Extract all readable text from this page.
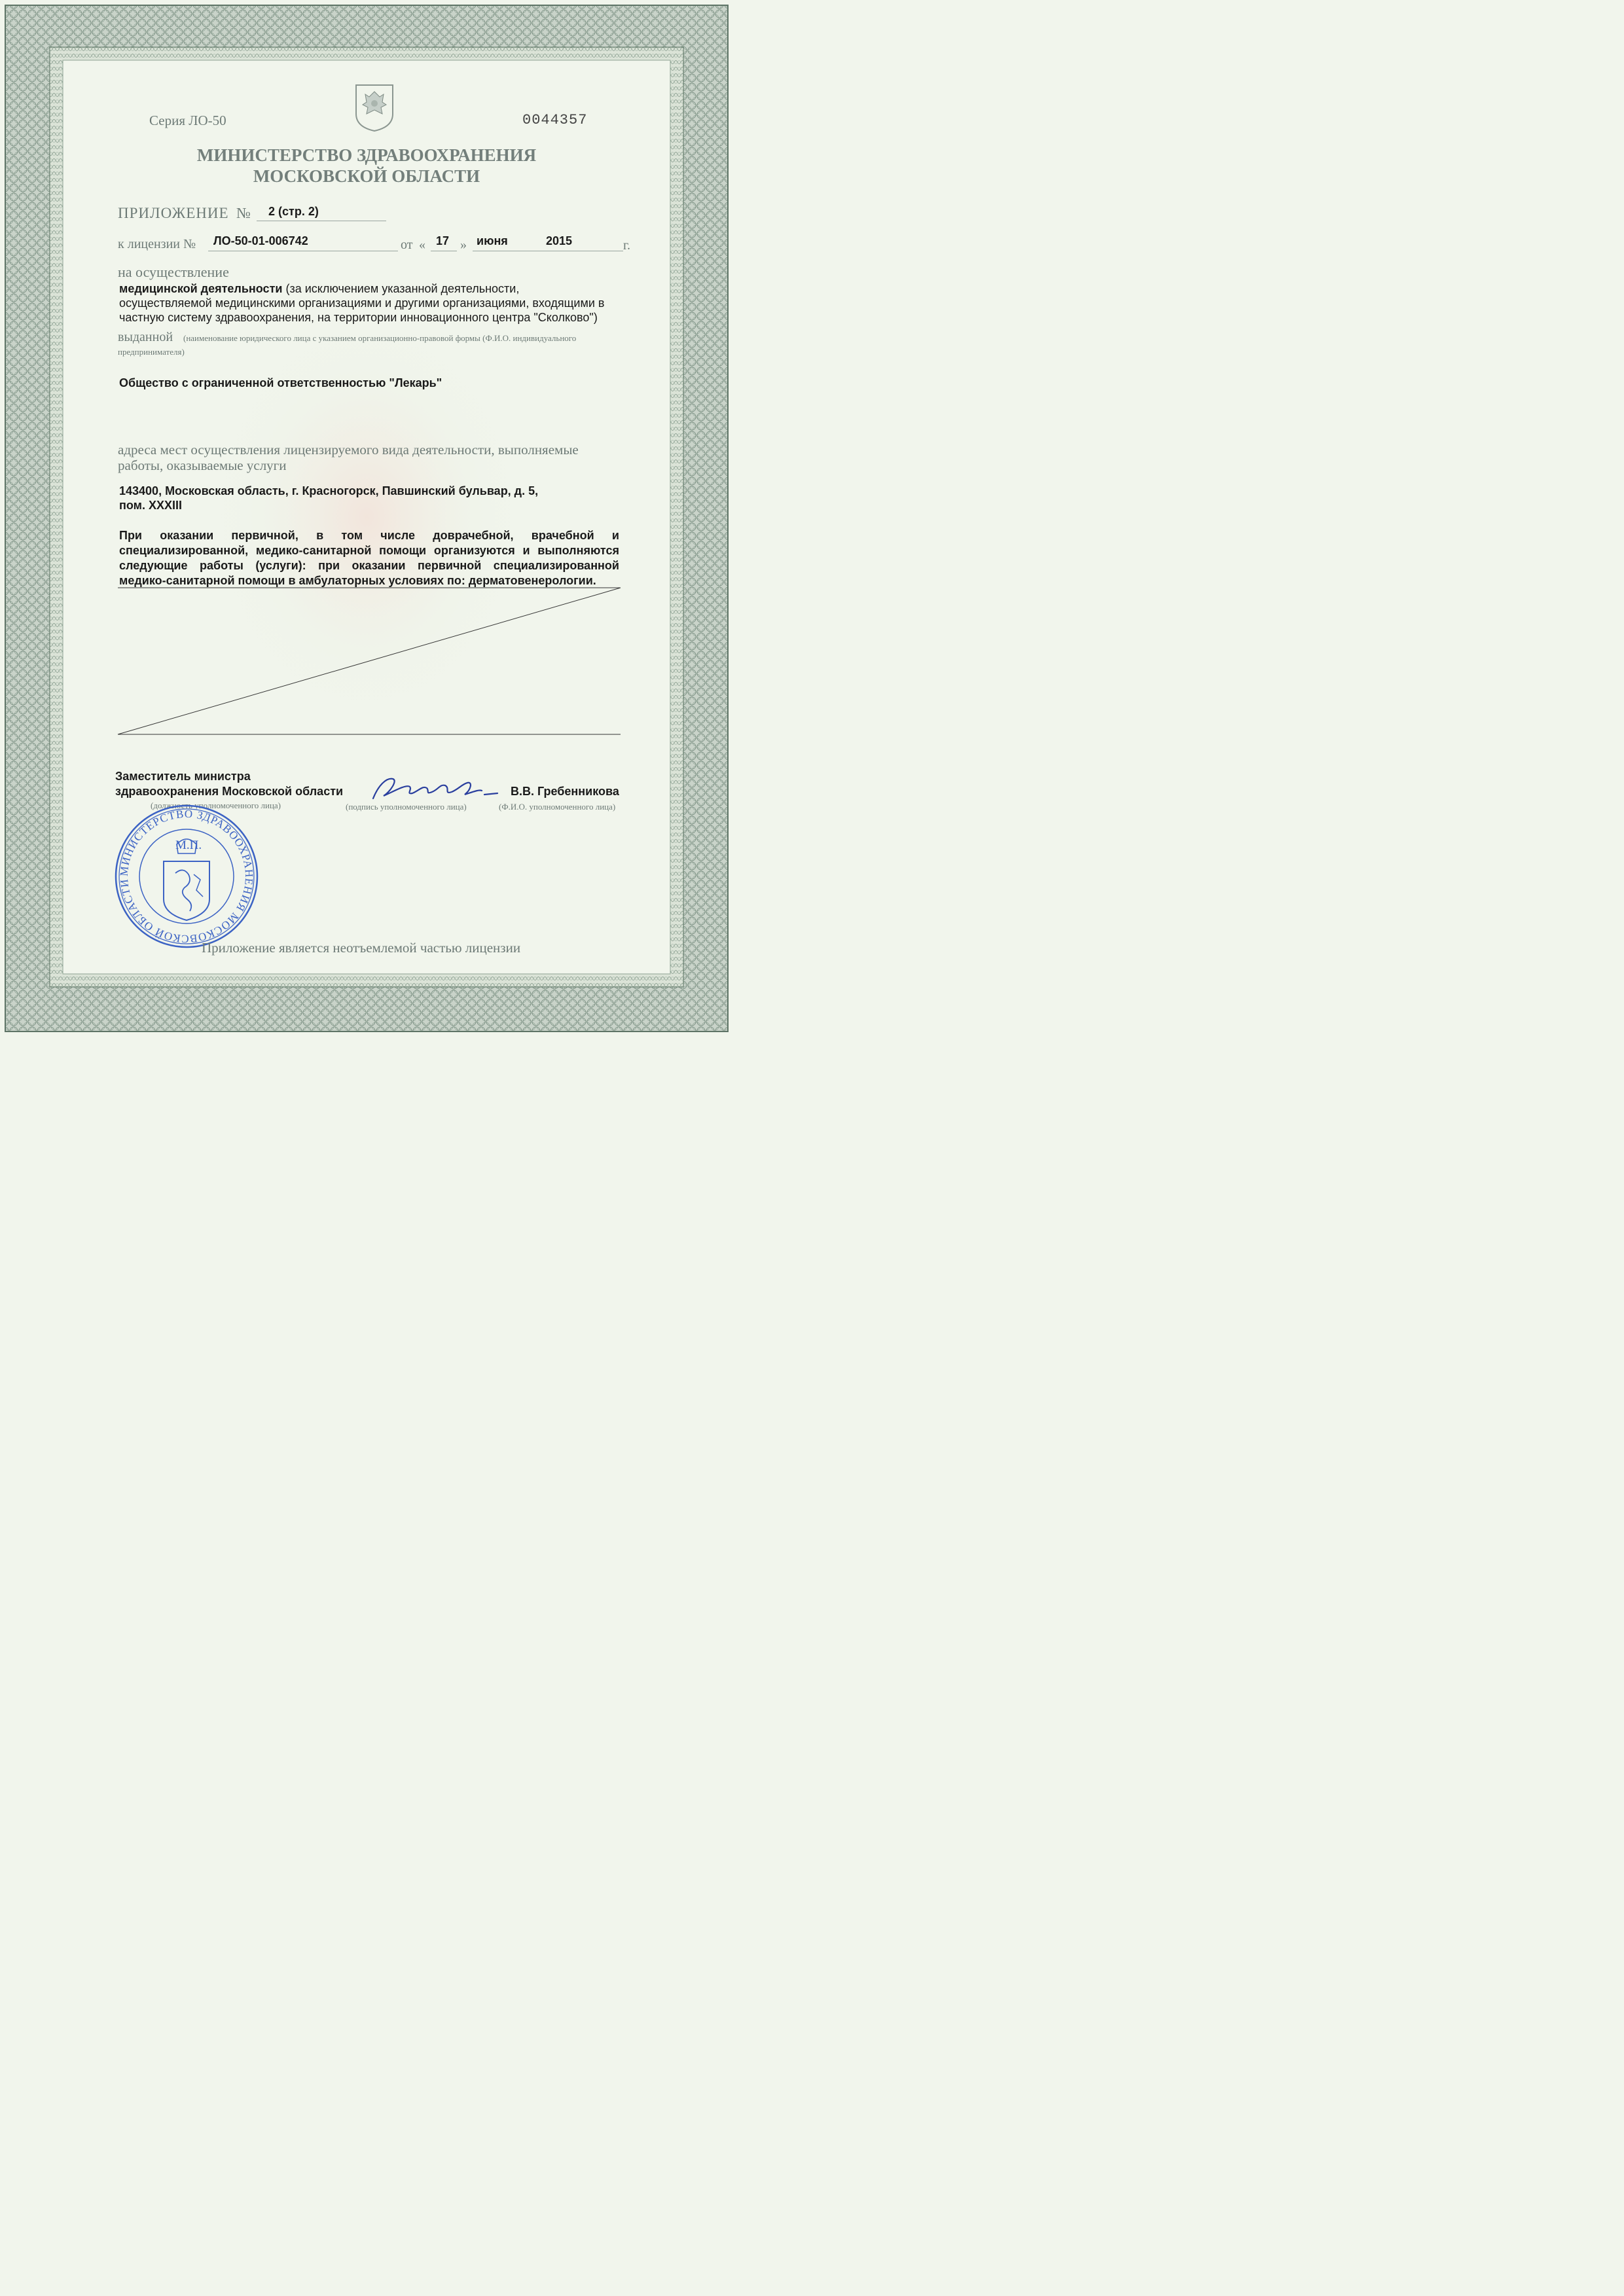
Серия ЛО-50	0044357
МИНИСТЕРСТВО ЗДРАВООХРАНЕНИЯ
МОСКОВСКОЙ ОБЛАСТИ
ПРИЛОЖЕНИЕ № 2 (стр. 2)
к лицензии № ЛО-50-01-006742	от « 17 » июня	2015	г.
на осуществление
медицинской деятельности (за исключением указанной деятельности,
осуществляемой медицинскими организациями и другими организациями, входящими в
частную систему здравоохранения, на территории инновационного центра "Сколково")
выданной (наименование юридического лица с указанием организационно-правовой формы (Ф.И.О. индивидуального
предпринимателя)
Общество с ограниченной ответственностью "Лекарь"
адреса мест осуществления лицензируемого вида деятельности, выполняемые
работы, оказываемые услуги
143400, Московская область, г. Красногорск, Павшинский бульвар, д. 5,
пом. XXXIII
При оказании первичной, в том числе доврачебной, врачебной и
специализированной, медико-санитарной помощи организуются и выполняются
следующие работы (услуги): при оказании первичной специализированной
медико-санитарной помощи в амбулаторных условиях по: дерматовенерологии.
Заместитель министра
здравоохранения Московской области
(должность уполномоченного лица)	(подпись уполномоченного лица)
В.В. Гребенникова
(Ф.И.О. уполномоченного лица)
МИНИСТЕРСТВО ЗДРАВООХРАНЕНИЯ МОСКОВСКОЙ ОБЛАСТИ
М.П.
Приложение является неотъемлемой частью лицензии
